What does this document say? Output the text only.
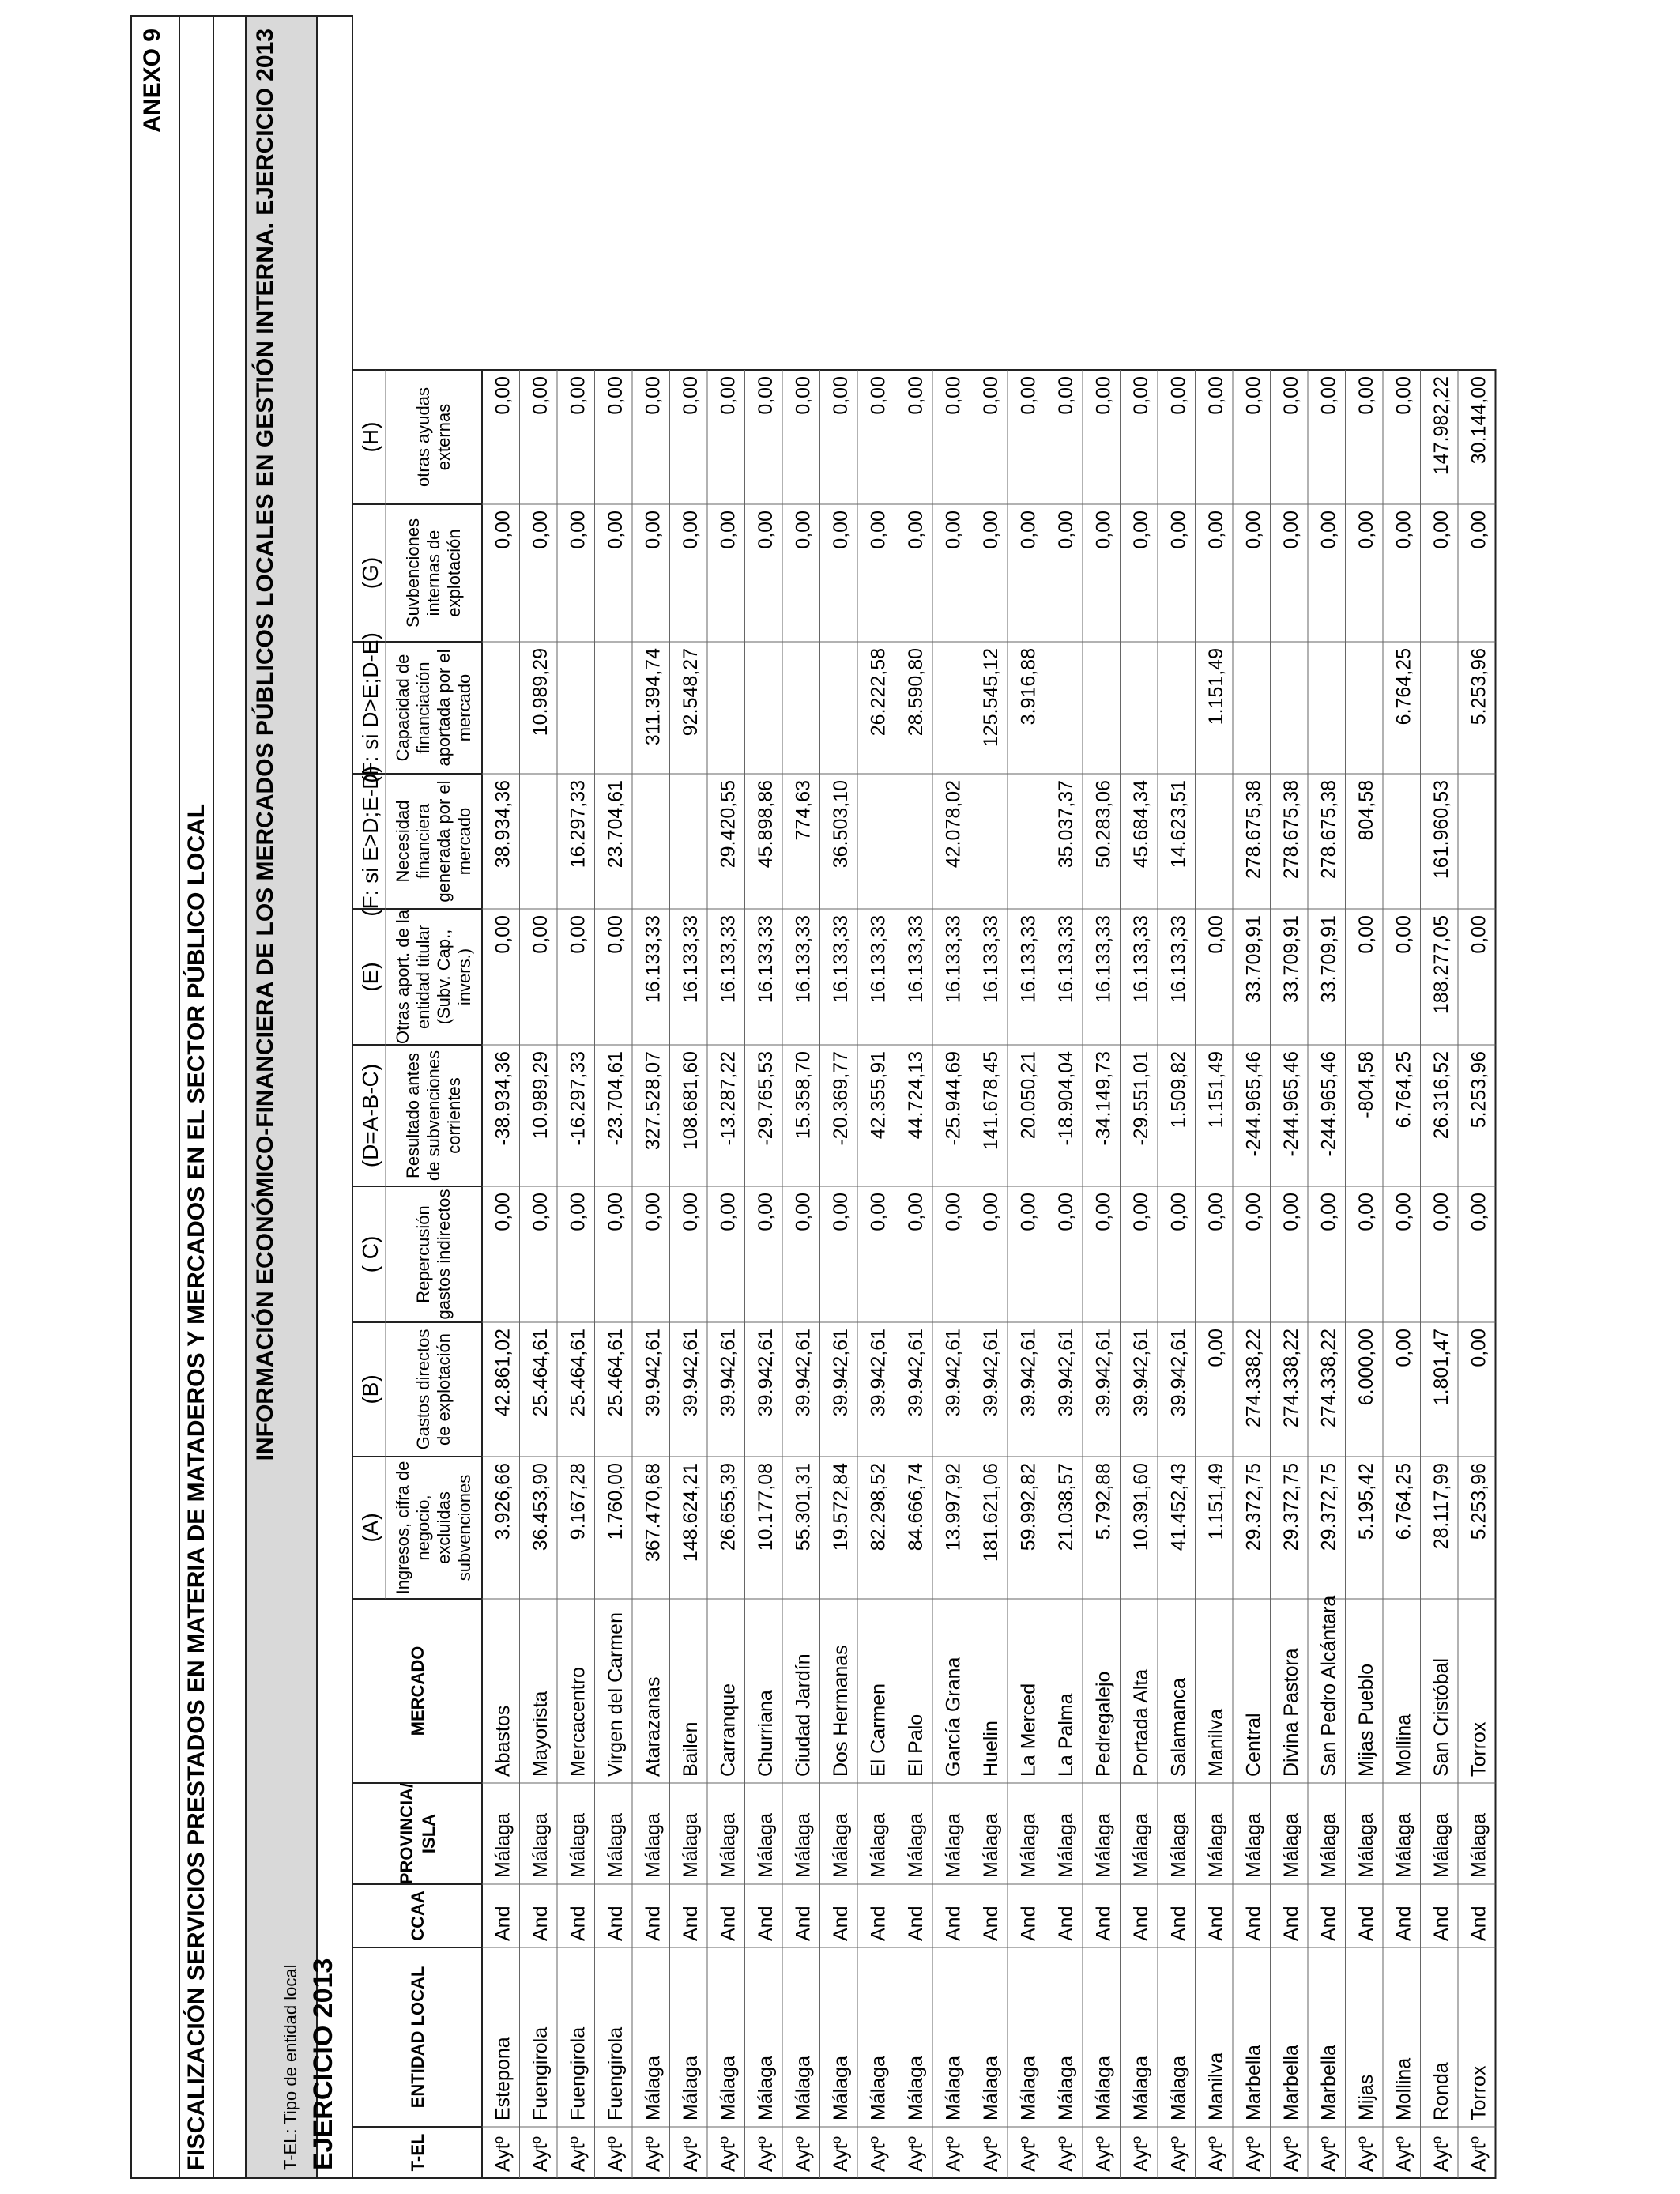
ANEXO 9
FISCALIZACIÓN SERVICIOS PRESTADOS EN MATERIA DE MATADEROS Y MERCADOS EN EL SECTOR PÚBLICO LOCAL
INFORMACIÓN ECONÓMICO-FINANCIERA DE LOS MERCADOS PÚBLICOS LOCALES EN GESTIÓN INTERNA. EJERCICIO 2013
T-EL: Tipo de entidad local EJERCICIO 2013	T-EL
ENTIDAD LOCAL
CCAA
PROVINCIA/ ISLA
MERCADO
(A) Ingresos, cifra de negocio, excluidas subvenciones
(B) Gastos directos de explotación
( C) Repercusión gastos indirectos
(D=A-B-C) Resultado antes de subvenciones corrientes
(E) Otras aport. de la entidad titular (Subv. Cap., invers.)
(F: si E>D;E-D) Necesidad financiera generada por el mercado
(F: si D>E;D-E) Capacidad de financiación aportada por el mercado
(G) Suvbenciones internas de explotación
(H) otras ayudas externas
Aytº
Estepona
And
Málaga
Abastos
3.926,66
42.861,02
0,00
-38.934,36
0,00
38.934,36
0,00
0,00
Aytº
Fuengirola
And
Málaga
Mayorista
36.453,90
25.464,61
0,00
10.989,29
0,00
10.989,29
0,00
0,00
Aytº
Fuengirola
And
Málaga
Mercacentro
9.167,28
25.464,61
0,00
-16.297,33
0,00
16.297,33
0,00
0,00
Aytº
Fuengirola
And
Málaga
Virgen del Carmen
1.760,00
25.464,61
0,00
-23.704,61
0,00
23.704,61
0,00
0,00
Aytº
Málaga
And
Málaga
Atarazanas
367.470,68
39.942,61
0,00
327.528,07
16.133,33
311.394,74
0,00
0,00
Aytº
Málaga
And
Málaga
Bailen
148.624,21
39.942,61
0,00
108.681,60
16.133,33
92.548,27
0,00
0,00
Aytº
Málaga
And
Málaga
Carranque
26.655,39
39.942,61
0,00
-13.287,22
16.133,33
29.420,55
0,00
0,00
Aytº
Málaga
And
Málaga
Churriana
10.177,08
39.942,61
0,00
-29.765,53
16.133,33
45.898,86
0,00
0,00
Aytº
Málaga
And
Málaga
Ciudad Jardín
55.301,31
39.942,61
0,00
15.358,70
16.133,33
774,63
0,00
0,00
Aytº
Málaga
And
Málaga
Dos Hermanas
19.572,84
39.942,61
0,00
-20.369,77
16.133,33
36.503,10
0,00
0,00
Aytº
Málaga
And
Málaga
El Carmen
82.298,52
39.942,61
0,00
42.355,91
16.133,33
26.222,58
0,00
0,00
Aytº
Málaga
And
Málaga
El Palo
84.666,74
39.942,61
0,00
44.724,13
16.133,33
28.590,80
0,00
0,00
Aytº
Málaga
And
Málaga
García Grana
13.997,92
39.942,61
0,00
-25.944,69
16.133,33
42.078,02
0,00
0,00
Aytº
Málaga
And
Málaga
Huelin
181.621,06
39.942,61
0,00
141.678,45
16.133,33
125.545,12
0,00
0,00
Aytº
Málaga
And
Málaga
La Merced
59.992,82
39.942,61
0,00
20.050,21
16.133,33
3.916,88
0,00
0,00
Aytº
Málaga
And
Málaga
La Palma
21.038,57
39.942,61
0,00
-18.904,04
16.133,33
35.037,37
0,00
0,00
Aytº
Málaga
And
Málaga
Pedregalejo
5.792,88
39.942,61
0,00
-34.149,73
16.133,33
50.283,06
0,00
0,00
Aytº
Málaga
And
Málaga
Portada Alta
10.391,60
39.942,61
0,00
-29.551,01
16.133,33
45.684,34
0,00
0,00
Aytº
Málaga
And
Málaga
Salamanca
41.452,43
39.942,61
0,00
1.509,82
16.133,33
14.623,51
0,00
0,00
Aytº
Manilva
And
Málaga
Manilva
1.151,49
0,00
0,00
1.151,49
0,00
1.151,49
0,00
0,00
Aytº
Marbella
And
Málaga
Central
29.372,75
274.338,22
0,00
-244.965,46
33.709,91
278.675,38
0,00
0,00
Aytº
Marbella
And
Málaga
Divina Pastora
29.372,75
274.338,22
0,00
-244.965,46
33.709,91
278.675,38
0,00
0,00
Aytº
Marbella
And
Málaga
San Pedro Alcántara
29.372,75
274.338,22
0,00
-244.965,46
33.709,91
278.675,38
0,00
0,00
Aytº
Mijas
And
Málaga
Mijas Pueblo
5.195,42
6.000,00
0,00
-804,58
0,00
804,58
0,00
0,00
Aytº
Mollina
And
Málaga
Mollina
6.764,25
0,00
0,00
6.764,25
0,00
6.764,25
0,00
0,00
Aytº
Ronda
And
Málaga
San Cristóbal
28.117,99
1.801,47
0,00
26.316,52
188.277,05
161.960,53
0,00
147.982,22
Aytº
Torrox
And
Málaga
Torrox
5.253,96
0,00
0,00
5.253,96
0,00
5.253,96
0,00
30.144,00
